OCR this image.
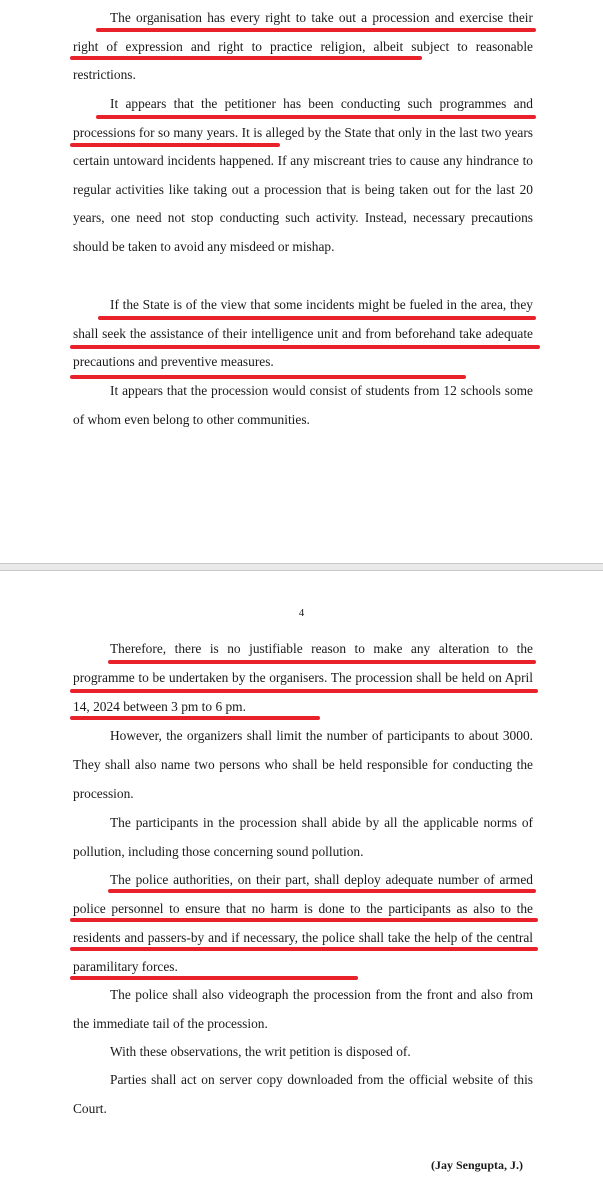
The organisation has every right to take out a procession and exercise their right of expression and right to practice religion, albeit subject to reasonable restrictions.

It appears that the petitioner has been conducting such programmes and processions for so many years. It is alleged by the State that only in the last two years certain untoward incidents happened. If any miscreant tries to cause any hindrance to regular activities like taking out a procession that is being taken out for the last 20 years, one need not stop conducting such activity. Instead, necessary precautions should be taken to avoid any misdeed or mishap.

If the State is of the view that some incidents might be fueled in the area, they shall seek the assistance of their intelligence unit and from beforehand take adequate precautions and preventive measures.

It appears that the procession would consist of students from 12 schools some of whom even belong to other communities.

4

Therefore, there is no justifiable reason to make any alteration to the programme to be undertaken by the organisers. The procession shall be held on April 14, 2024 between 3 pm to 6 pm.

However, the organizers shall limit the number of participants to about 3000. They shall also name two persons who shall be held responsible for conducting the procession.

The participants in the procession shall abide by all the applicable norms of pollution, including those concerning sound pollution.

The police authorities, on their part, shall deploy adequate number of armed police personnel to ensure that no harm is done to the participants as also to the residents and passers-by and if necessary, the police shall take the help of the central paramilitary forces.

The police shall also videograph the procession from the front and also from the immediate tail of the procession.

With these observations, the writ petition is disposed of.

Parties shall act on server copy downloaded from the official website of this Court.

(Jay Sengupta, J.)
